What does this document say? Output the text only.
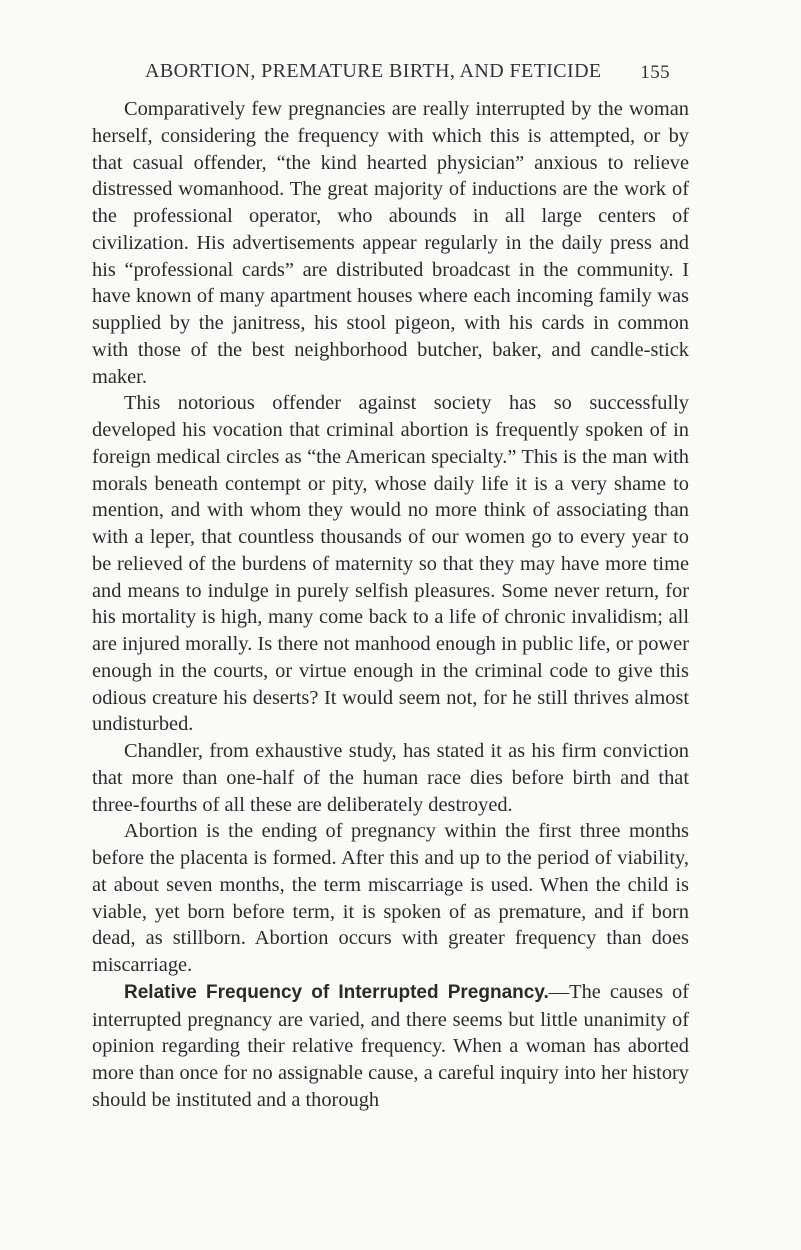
ABORTION, PREMATURE BIRTH, AND FETICIDE 155

Comparatively few pregnancies are really interrupted by the woman herself, considering the frequency with which this is attempted, or by that casual offender, “the kind hearted physician” anxious to relieve distressed womanhood. The great majority of inductions are the work of the professional operator, who abounds in all large centers of civilization. His advertisements appear regularly in the daily press and his “professional cards” are distributed broadcast in the community. I have known of many apartment houses where each incoming family was supplied by the janitress, his stool pigeon, with his cards in common with those of the best neighborhood butcher, baker, and candle-stick maker.

This notorious offender against society has so successfully developed his vocation that criminal abortion is frequently spoken of in foreign medical circles as “the American specialty.” This is the man with morals beneath contempt or pity, whose daily life it is a very shame to mention, and with whom they would no more think of associating than with a leper, that countless thousands of our women go to every year to be relieved of the burdens of maternity so that they may have more time and means to indulge in purely selfish pleasures. Some never return, for his mortality is high, many come back to a life of chronic invalidism; all are injured morally. Is there not manhood enough in public life, or power enough in the courts, or virtue enough in the criminal code to give this odious creature his deserts? It would seem not, for he still thrives almost undisturbed.

Chandler, from exhaustive study, has stated it as his firm conviction that more than one-half of the human race dies before birth and that three-fourths of all these are deliberately destroyed.

Abortion is the ending of pregnancy within the first three months before the placenta is formed. After this and up to the period of viability, at about seven months, the term miscarriage is used. When the child is viable, yet born before term, it is spoken of as premature, and if born dead, as stillborn. Abortion occurs with greater frequency than does miscarriage.

Relative Frequency of Interrupted Pregnancy.—The causes of interrupted pregnancy are varied, and there seems but little unanimity of opinion regarding their relative frequency. When a woman has aborted more than once for no assignable cause, a careful inquiry into her history should be instituted and a thorough
